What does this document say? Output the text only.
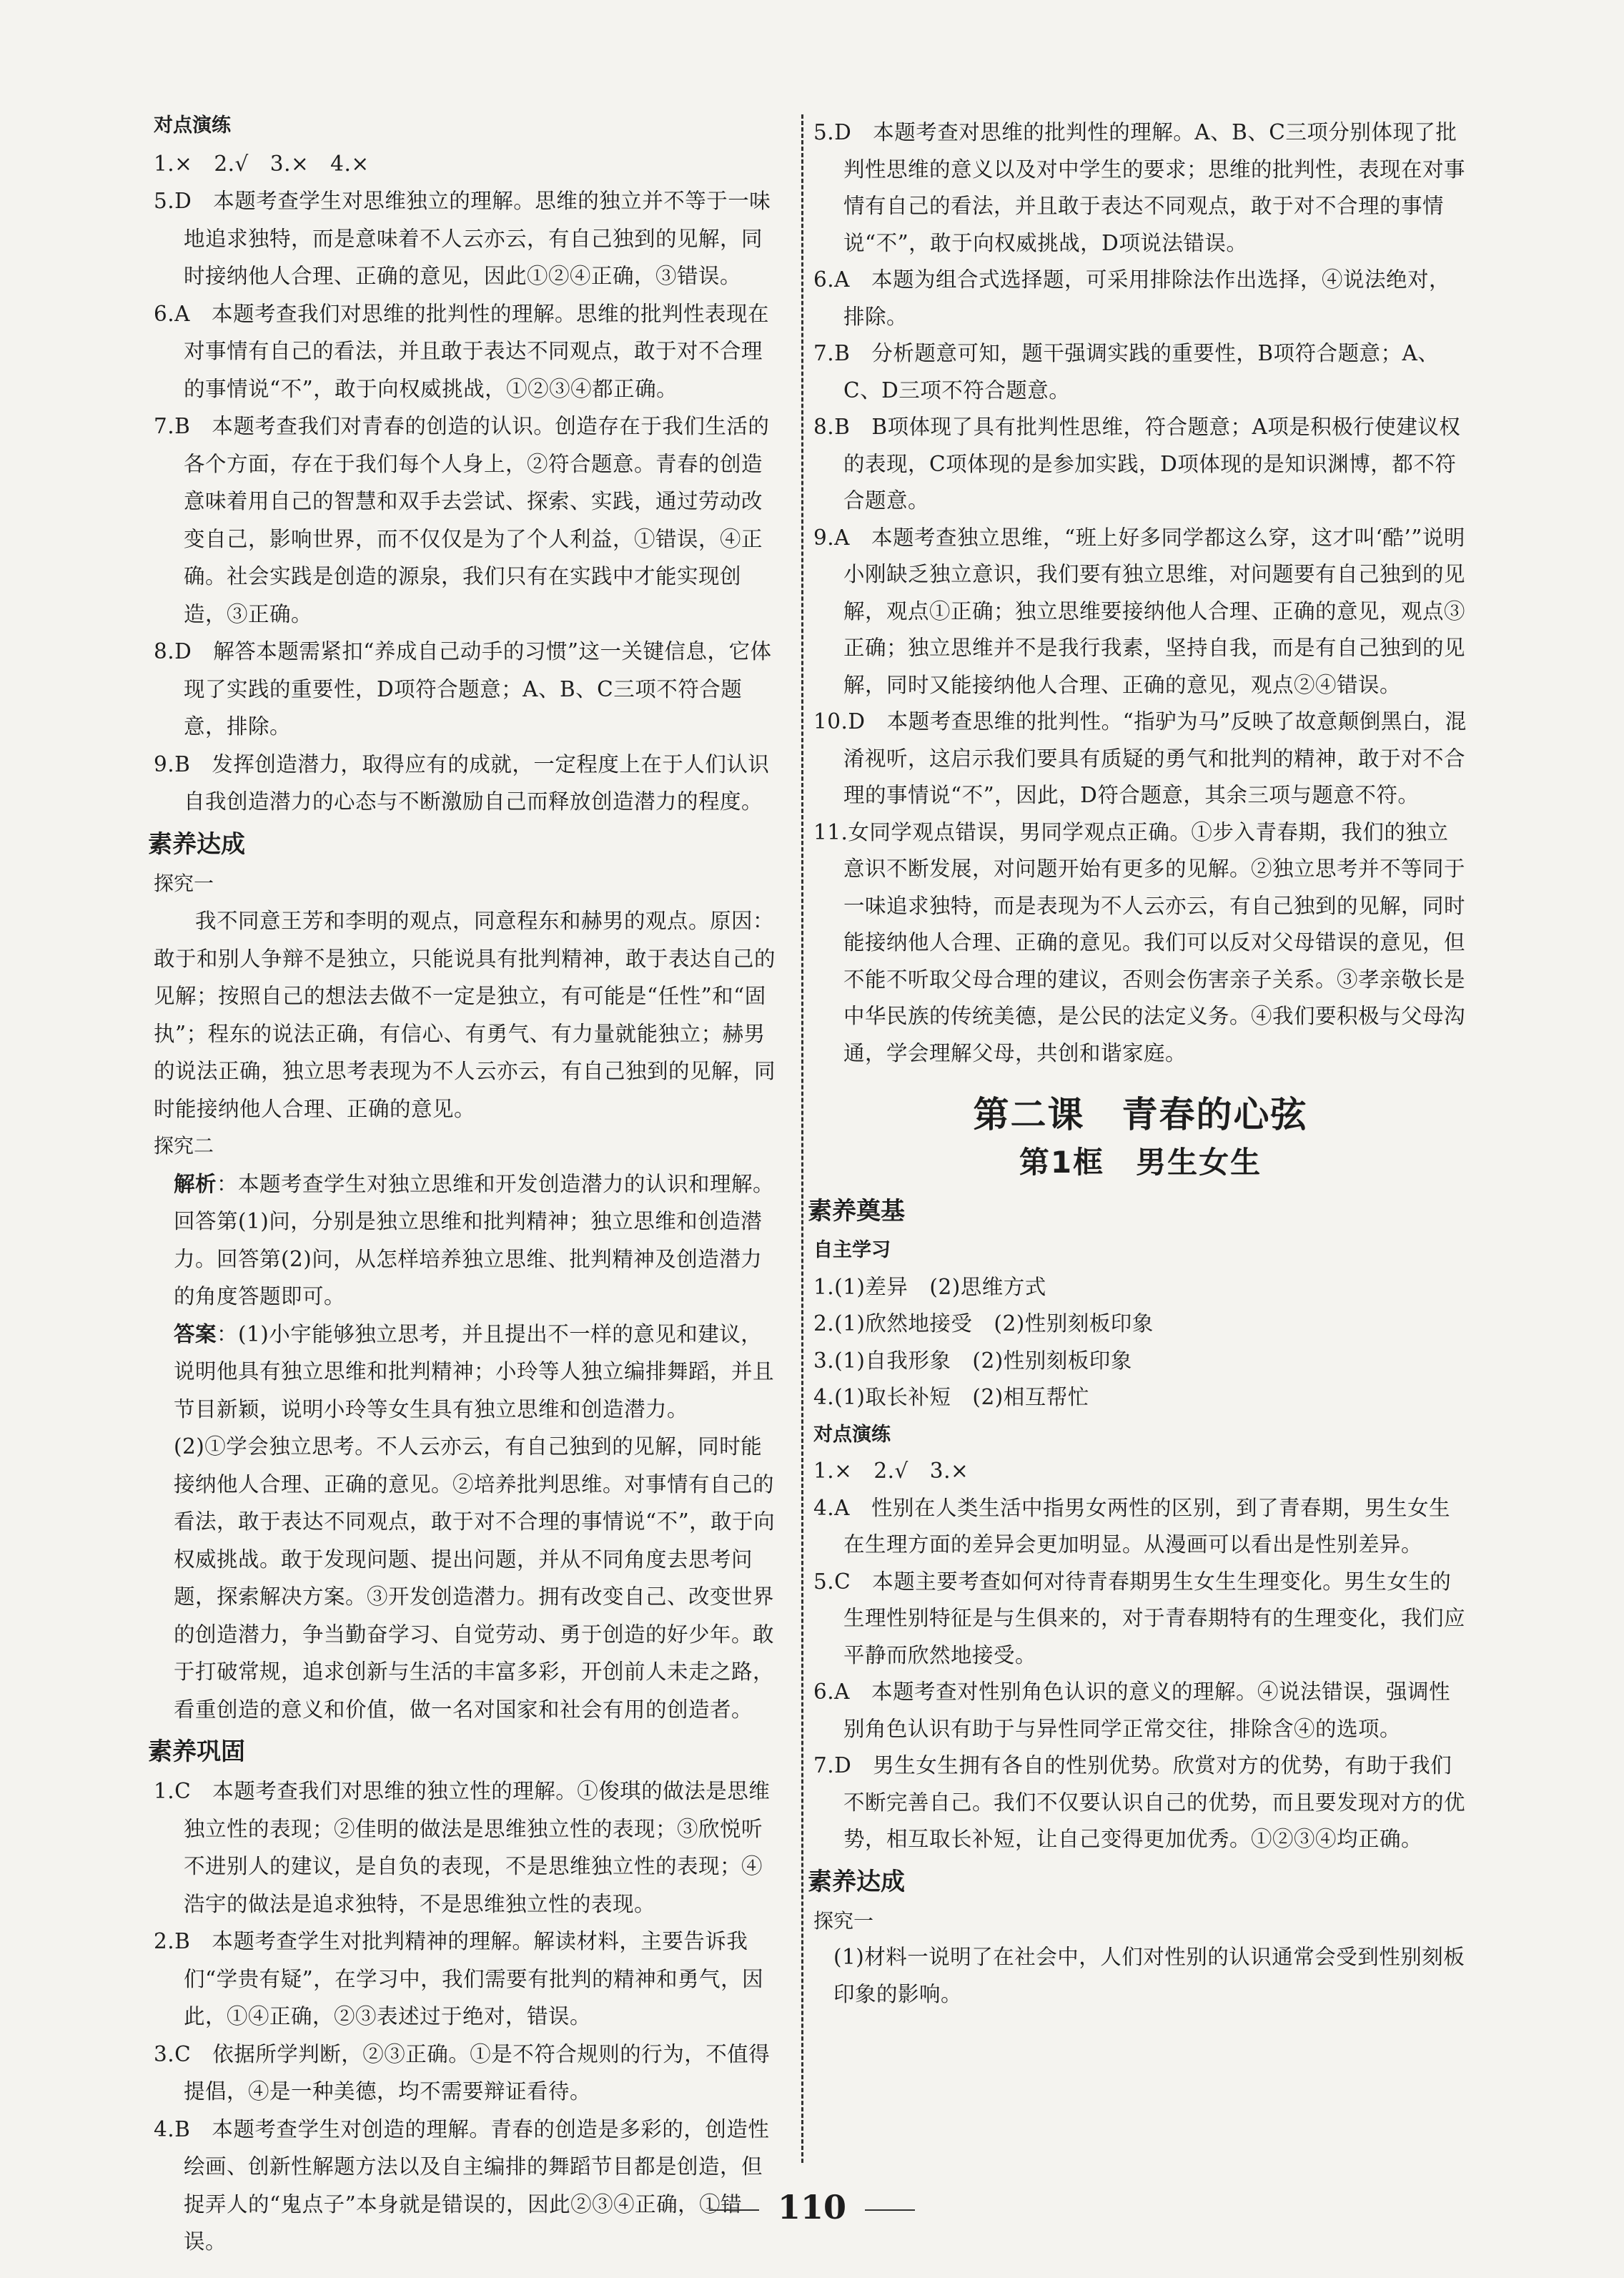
对点演练

1.×　2.√　3.×　4.×

5.D　本题考查学生对思维独立的理解。思维的独立并不等于一味地追求独特，而是意味着不人云亦云，有自己独到的见解，同时接纳他人合理、正确的意见，因此①②④正确，③错误。

6.A　本题考查我们对思维的批判性的理解。思维的批判性表现在对事情有自己的看法，并且敢于表达不同观点，敢于对不合理的事情说“不”，敢于向权威挑战，①②③④都正确。

7.B　本题考查我们对青春的创造的认识。创造存在于我们生活的各个方面，存在于我们每个人身上，②符合题意。青春的创造意味着用自己的智慧和双手去尝试、探索、实践，通过劳动改变自己，影响世界，而不仅仅是为了个人利益，①错误，④正确。社会实践是创造的源泉，我们只有在实践中才能实现创造，③正确。

8.D　解答本题需紧扣“养成自己动手的习惯”这一关键信息，它体现了实践的重要性，D项符合题意；A、B、C三项不符合题意，排除。

9.B　发挥创造潜力，取得应有的成就，一定程度上在于人们认识自我创造潜力的心态与不断激励自己而释放创造潜力的程度。

素养达成

探究一

我不同意王芳和李明的观点，同意程东和赫男的观点。原因：敢于和别人争辩不是独立，只能说具有批判精神，敢于表达自己的见解；按照自己的想法去做不一定是独立，有可能是“任性”和“固执”；程东的说法正确，有信心、有勇气、有力量就能独立；赫男的说法正确，独立思考表现为不人云亦云，有自己独到的见解，同时能接纳他人合理、正确的意见。

探究二

解析：本题考查学生对独立思维和开发创造潜力的认识和理解。回答第(1)问，分别是独立思维和批判精神；独立思维和创造潜力。回答第(2)问，从怎样培养独立思维、批判精神及创造潜力的角度答题即可。

答案：(1)小宇能够独立思考，并且提出不一样的意见和建议，说明他具有独立思维和批判精神；小玲等人独立编排舞蹈，并且节目新颖，说明小玲等女生具有独立思维和创造潜力。

(2)①学会独立思考。不人云亦云，有自己独到的见解，同时能接纳他人合理、正确的意见。②培养批判思维。对事情有自己的看法，敢于表达不同观点，敢于对不合理的事情说“不”，敢于向权威挑战。敢于发现问题、提出问题，并从不同角度去思考问题，探索解决方案。③开发创造潜力。拥有改变自己、改变世界的创造潜力，争当勤奋学习、自觉劳动、勇于创造的好少年。敢于打破常规，追求创新与生活的丰富多彩，开创前人未走之路，看重创造的意义和价值，做一名对国家和社会有用的创造者。

素养巩固

1.C　本题考查我们对思维的独立性的理解。①俊琪的做法是思维独立性的表现；②佳明的做法是思维独立性的表现；③欣悦听不进别人的建议，是自负的表现，不是思维独立性的表现；④浩宇的做法是追求独特，不是思维独立性的表现。

2.B　本题考查学生对批判精神的理解。解读材料，主要告诉我们“学贵有疑”，在学习中，我们需要有批判的精神和勇气，因此，①④正确，②③表述过于绝对，错误。

3.C　依据所学判断，②③正确。①是不符合规则的行为，不值得提倡，④是一种美德，均不需要辩证看待。

4.B　本题考查学生对创造的理解。青春的创造是多彩的，创造性绘画、创新性解题方法以及自主编排的舞蹈节目都是创造，但捉弄人的“鬼点子”本身就是错误的，因此②③④正确，①错误。

5.D　本题考查对思维的批判性的理解。A、B、C三项分别体现了批判性思维的意义以及对中学生的要求；思维的批判性，表现在对事情有自己的看法，并且敢于表达不同观点，敢于对不合理的事情说“不”，敢于向权威挑战，D项说法错误。

6.A　本题为组合式选择题，可采用排除法作出选择，④说法绝对，排除。

7.B　分析题意可知，题干强调实践的重要性，B项符合题意；A、C、D三项不符合题意。

8.B　B项体现了具有批判性思维，符合题意；A项是积极行使建议权的表现，C项体现的是参加实践，D项体现的是知识渊博，都不符合题意。

9.A　本题考查独立思维，“班上好多同学都这么穿，这才叫‘酷’”说明小刚缺乏独立意识，我们要有独立思维，对问题要有自己独到的见解，观点①正确；独立思维要接纳他人合理、正确的意见，观点③正确；独立思维并不是我行我素，坚持自我，而是有自己独到的见解，同时又能接纳他人合理、正确的意见，观点②④错误。

10.D　本题考查思维的批判性。“指驴为马”反映了故意颠倒黑白，混淆视听，这启示我们要具有质疑的勇气和批判的精神，敢于对不合理的事情说“不”，因此，D符合题意，其余三项与题意不符。

11.女同学观点错误，男同学观点正确。①步入青春期，我们的独立意识不断发展，对问题开始有更多的见解。②独立思考并不等同于一味追求独特，而是表现为不人云亦云，有自己独到的见解，同时能接纳他人合理、正确的意见。我们可以反对父母错误的意见，但不能不听取父母合理的建议，否则会伤害亲子关系。③孝亲敬长是中华民族的传统美德，是公民的法定义务。④我们要积极与父母沟通，学会理解父母，共创和谐家庭。

第二课　青春的心弦

第1框　男生女生

素养奠基

自主学习

1.(1)差异　(2)思维方式

2.(1)欣然地接受　(2)性别刻板印象

3.(1)自我形象　(2)性别刻板印象

4.(1)取长补短　(2)相互帮忙

对点演练

1.×　2.√　3.×

4.A　性别在人类生活中指男女两性的区别，到了青春期，男生女生在生理方面的差异会更加明显。从漫画可以看出是性别差异。

5.C　本题主要考查如何对待青春期男生女生生理变化。男生女生的生理性别特征是与生俱来的，对于青春期特有的生理变化，我们应平静而欣然地接受。

6.A　本题考查对性别角色认识的意义的理解。④说法错误，强调性别角色认识有助于与异性同学正常交往，排除含④的选项。

7.D　男生女生拥有各自的性别优势。欣赏对方的优势，有助于我们不断完善自己。我们不仅要认识自己的优势，而且要发现对方的优势，相互取长补短，让自己变得更加优秀。①②③④均正确。

素养达成

探究一

(1)材料一说明了在社会中，人们对性别的认识通常会受到性别刻板印象的影响。

110
